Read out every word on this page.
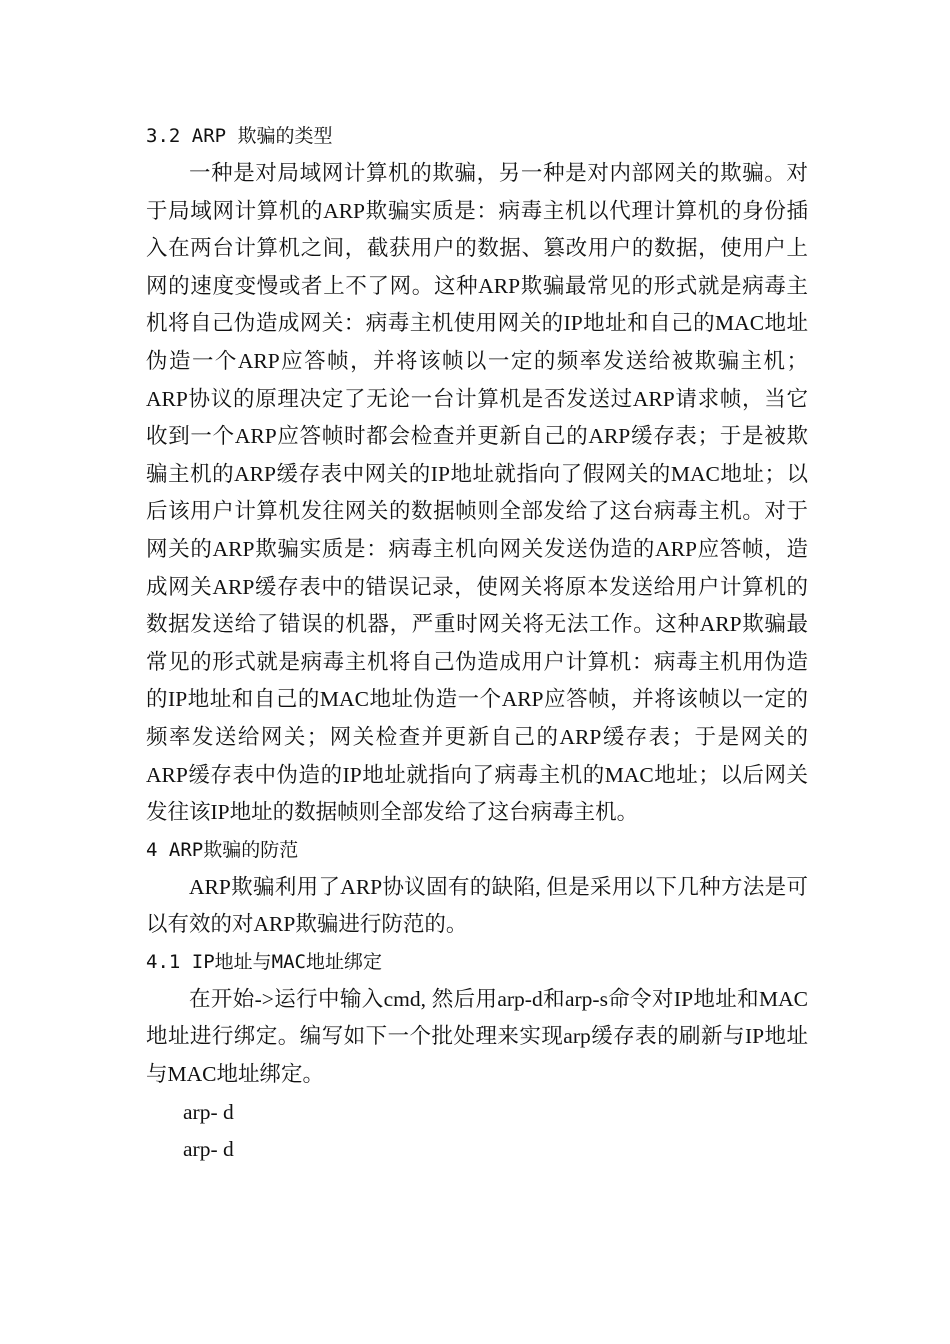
3.2 ARP 欺骗的类型

一种是对局域网计算机的欺骗，另一种是对内部网关的欺骗。对于局域网计算机的ARP欺骗实质是：病毒主机以代理计算机的身份插入在两台计算机之间，截获用户的数据、篡改用户的数据，使用户上网的速度变慢或者上不了网。这种ARP欺骗最常见的形式就是病毒主机将自己伪造成网关：病毒主机使用网关的IP地址和自己的MAC地址伪造一个ARP应答帧，并将该帧以一定的频率发送给被欺骗主机；ARP协议的原理决定了无论一台计算机是否发送过ARP请求帧，当它收到一个ARP应答帧时都会检查并更新自己的ARP缓存表；于是被欺骗主机的ARP缓存表中网关的IP地址就指向了假网关的MAC地址；以后该用户计算机发往网关的数据帧则全部发给了这台病毒主机。对于网关的ARP欺骗实质是：病毒主机向网关发送伪造的ARP应答帧，造成网关ARP缓存表中的错误记录，使网关将原本发送给用户计算机的数据发送给了错误的机器，严重时网关将无法工作。这种ARP欺骗最常见的形式就是病毒主机将自己伪造成用户计算机：病毒主机用伪造的IP地址和自己的MAC地址伪造一个ARP应答帧，并将该帧以一定的频率发送给网关；网关检查并更新自己的ARP缓存表；于是网关的ARP缓存表中伪造的IP地址就指向了病毒主机的MAC地址；以后网关发往该IP地址的数据帧则全部发给了这台病毒主机。

4 ARP欺骗的防范

ARP欺骗利用了ARP协议固有的缺陷, 但是采用以下几种方法是可以有效的对ARP欺骗进行防范的。

4.1 IP地址与MAC地址绑定

在开始->运行中输入cmd, 然后用arp-d和arp-s命令对IP地址和MAC地址进行绑定。编写如下一个批处理来实现arp缓存表的刷新与IP地址与MAC地址绑定。

arp- d
arp- d
